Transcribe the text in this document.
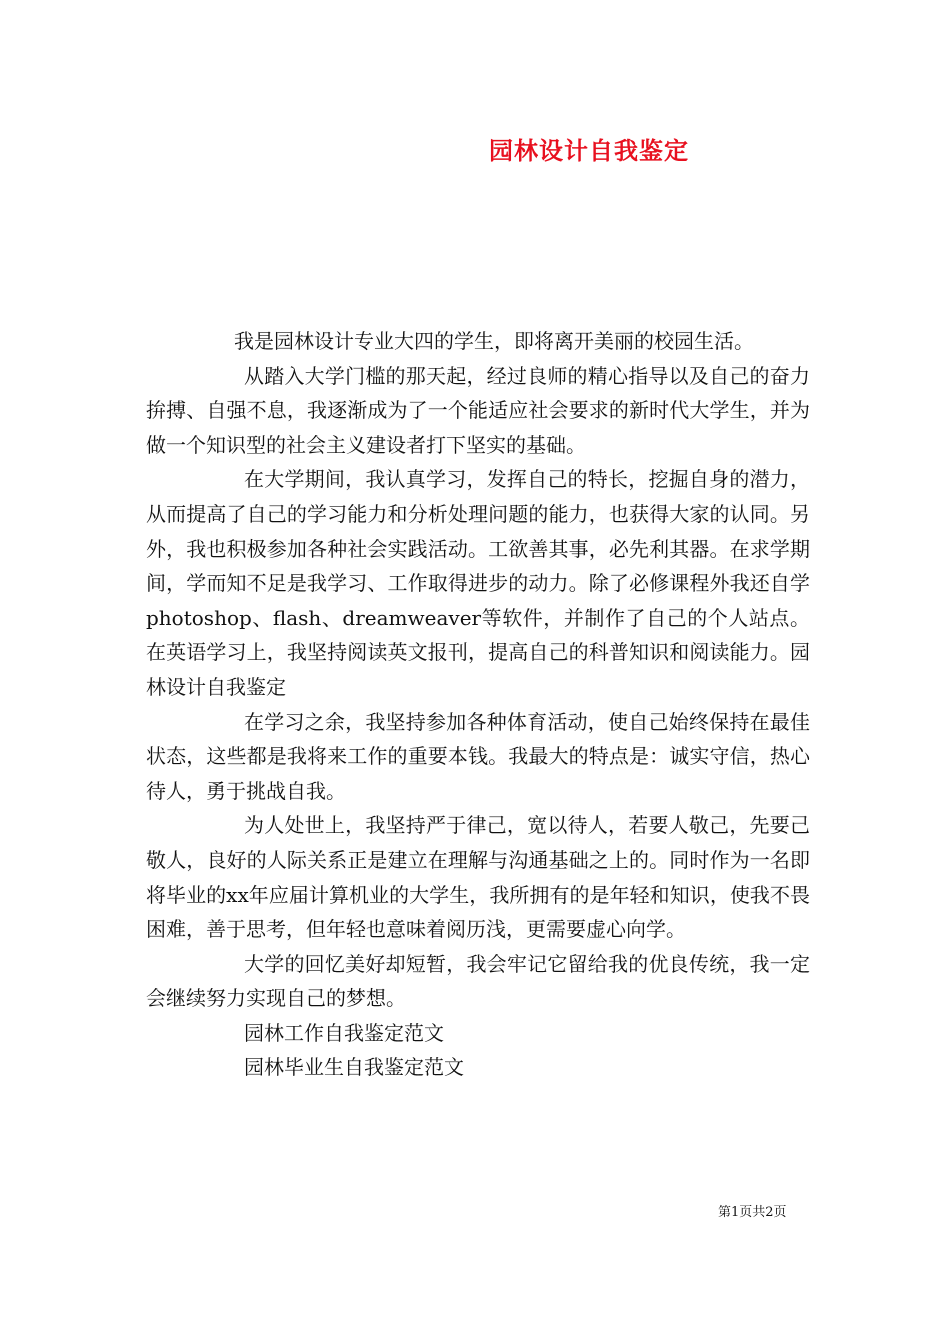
园林设计自我鉴定

我是园林设计专业大四的学生，即将离开美丽的校园生活。

从踏入大学门槛的那天起，经过良师的精心指导以及自己的奋力拚搏、自强不息，我逐渐成为了一个能适应社会要求的新时代大学生，并为做一个知识型的社会主义建设者打下坚实的基础。

在大学期间，我认真学习，发挥自己的特长，挖掘自身的潜力，从而提高了自己的学习能力和分析处理问题的能力，也获得大家的认同。另外，我也积极参加各种社会实践活动。工欲善其事，必先利其器。在求学期间，学而知不足是我学习、工作取得进步的动力。除了必修课程外我还自学photoshop、flash、dreamweaver等软件，并制作了自己的个人站点。在英语学习上，我坚持阅读英文报刊，提高自己的科普知识和阅读能力。园林设计自我鉴定

在学习之余，我坚持参加各种体育活动，使自己始终保持在最佳状态，这些都是我将来工作的重要本钱。我最大的特点是：诚实守信，热心待人，勇于挑战自我。

为人处世上，我坚持严于律己，宽以待人，若要人敬己，先要己敬人，良好的人际关系正是建立在理解与沟通基础之上的。同时作为一名即将毕业的xx年应届计算机业的大学生，我所拥有的是年轻和知识，使我不畏困难，善于思考，但年轻也意味着阅历浅，更需要虚心向学。

大学的回忆美好却短暂，我会牢记它留给我的优良传统，我一定会继续努力实现自己的梦想。

园林工作自我鉴定范文

园林毕业生自我鉴定范文

第1页共2页
